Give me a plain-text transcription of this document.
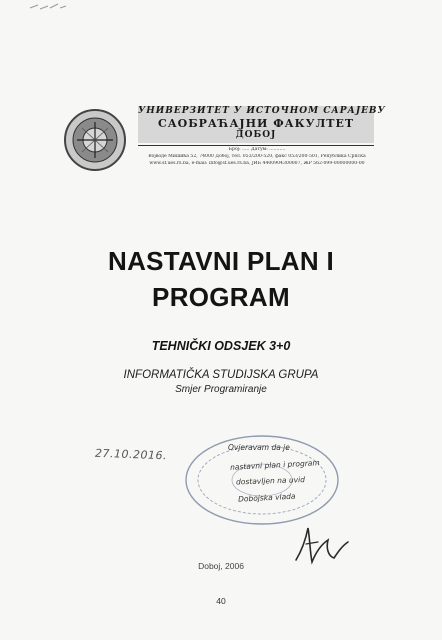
УНИВЕРЗИТЕТ У ИСТОЧНОМ САРАЈЕВУ
САОБРАЋАЈНИ ФАКУЛТЕТ
ДОБОЈ
Број: ..... Датум: ...........
Војводе Мишића 52, 74000 Добој, тел. 053/200-520, факс 053/200-501, Рeпублика Српска
www.sf.ues.rs.ba, e-mail: info@sf.ues.rs.ba, ЈИБ 4400904300007, ЖР 562-099-00000000-00
NASTAVNI PLAN I
PROGRAM
TEHNIČKI ODSJEK 3+0
INFORMATIČKA STUDIJSKA GRUPA
Smjer Programiranje
27.10.2016.	Ovjeravam da je
nastavni plan i program
dostavljen na uvid
Dobojska vlada
Doboj, 2006
40
